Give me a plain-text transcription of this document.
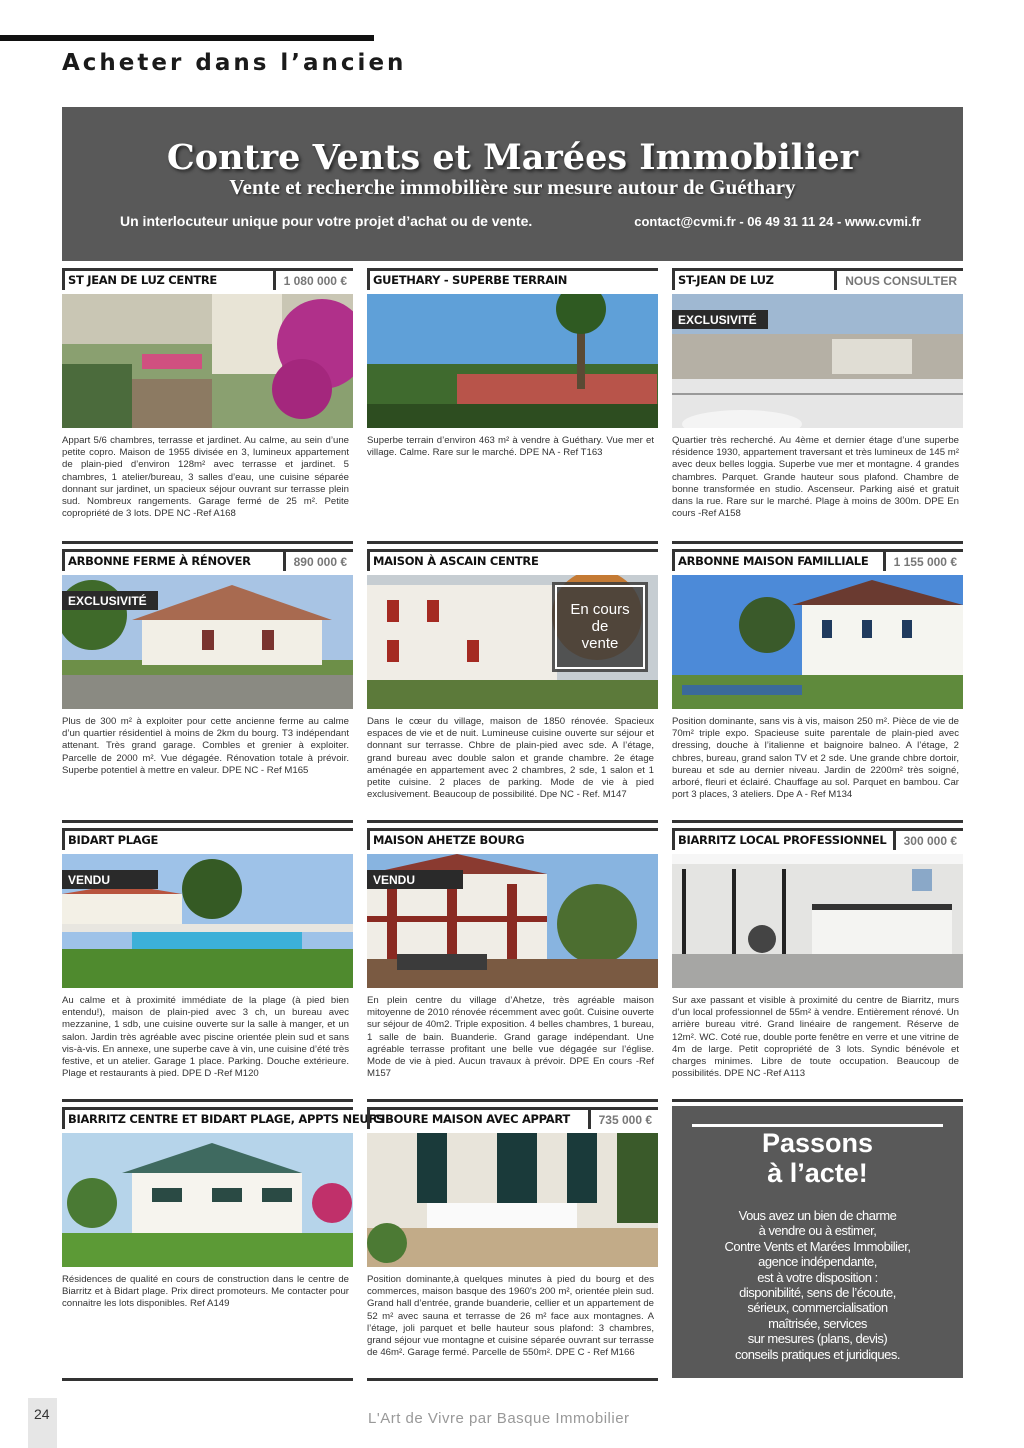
Acheter dans l’ancien
Contre Vents et Marées Immobilier
Vente et recherche immobilière sur mesure autour de Guéthary
Un interlocuteur unique pour votre projet d’achat ou de vente.	contact@cvmi.fr - 06 49 31 11 24 - www.cvmi.fr
ST JEAN DE LUZ CENTRE	1 080 000 €
Appart 5/6 chambres, terrasse et jardinet. Au calme, au sein d’une petite copro. Maison de 1955 divisée en 3, lumineux appartement de plain-pied d’environ 128m² avec terrasse et jardinet. 5 chambres, 1 atelier/bureau, 3 salles d’eau, une cuisine séparée donnant sur jardinet, un spacieux séjour ouvrant sur terrasse plein sud. Nombreux rangements. Garage fermé de 25 m². Petite copropriété de 3 lots. DPE NC -Ref A168
GUETHARY - SUPERBE TERRAIN
Superbe terrain d’environ 463 m² à vendre à Guéthary. Vue mer et village. Calme. Rare sur le marché. DPE NA - Ref T163
ST-JEAN DE LUZ	NOUS CONSULTER
EXCLUSIVITÉ
Quartier très recherché. Au 4ème et dernier étage d’une superbe résidence 1930, appartement traversant et très lumineux de 145 m² avec deux belles loggia. Superbe vue mer et montagne. 4 grandes chambres. Parquet. Grande hauteur sous plafond. Chambre de bonne transformée en studio. Ascenseur. Parking aisé et gratuit dans la rue. Rare sur le marché. Plage à moins de 300m. DPE En cours -Ref A158
ARBONNE FERME À RÉNOVER	890 000 €
EXCLUSIVITÉ
Plus de 300 m² à exploiter pour cette ancienne ferme au calme d’un quartier résidentiel à moins de 2km du bourg. T3 indépendant attenant. Très grand garage. Combles et grenier à exploiter. Parcelle de 2000 m². Vue dégagée. Rénovation totale à prévoir. Superbe potentiel à mettre en valeur. DPE NC - Ref M165
MAISON À ASCAIN CENTRE
En cours
de
vente
Dans le cœur du village, maison de 1850 rénovée. Spacieux espaces de vie et de nuit. Lumineuse cuisine ouverte sur séjour et donnant sur terrasse. Chbre de plain-pied avec sde. A l’étage, grand bureau avec double salon et grande chambre. 2e étage aménagée en appartement avec 2 chambres, 2 sde, 1 salon et 1 petite cuisine. 2 places de parking. Mode de vie à pied exclusivement. Beaucoup de possibilité. Dpe NC - Ref. M147
ARBONNE MAISON FAMILLIALE	1 155 000 €
Position dominante, sans vis à vis, maison 250 m². Pièce de vie de 70m² triple expo. Spacieuse suite parentale de plain-pied avec dressing, douche à l’italienne et baignoire balneo. A l’étage, 2 chbres, bureau, grand salon TV et 2 sde. Une grande chbre dortoir, bureau et sde au dernier niveau. Jardin de 2200m² très soigné, arboré, fleuri et éclairé. Chauffage au sol. Parquet en bambou. Car port 3 places, 3 ateliers. Dpe A - Ref M134
BIDART PLAGE
VENDU
Au calme et à proximité immédiate de la plage (à pied bien entendu!), maison de plain-pied avec 3 ch, un bureau avec mezzanine, 1 sdb, une cuisine ouverte sur la salle à manger, et un salon. Jardin très agréable avec piscine orientée plein sud et sans vis-à-vis. En annexe, une superbe cave à vin, une cuisine d’été très festive, et un atelier. Garage 1 place. Parking. Douche extérieure. Plage et restaurants à pied. DPE D -Ref M120
MAISON AHETZE BOURG
VENDU
En plein centre du village d’Ahetze, très agréable maison mitoyenne de 2010 rénovée récemment avec goût. Cuisine ouverte sur séjour de 40m2. Triple exposition. 4 belles chambres, 1 bureau, 1 salle de bain. Buanderie. Grand garage indépendant. Une agréable terrasse profitant une belle vue dégagée sur l’église. Mode de vie à pied. Aucun travaux à prévoir. DPE En cours -Ref M157
BIARRITZ LOCAL PROFESSIONNEL	300 000 €
Sur axe passant et visible à proximité du centre de Biarritz, murs d’un local professionnel de 55m² à vendre. Entièrement rénové. Un arrière bureau vitré. Grand linéaire de rangement. Réserve de 12m². WC. Coté rue, double porte fenêtre en verre et une vitrine de 4m de large. Petit copropriété de 3 lots. Syndic bénévole et charges minimes. Libre de toute occupation. Beaucoup de possibilités. DPE NC -Ref A113
BIARRITZ CENTRE ET BIDART PLAGE, APPTS NEUFS
Résidences de qualité en cours de construction dans le centre de Biarritz et à Bidart plage. Prix direct promoteurs. Me contacter pour connaitre les lots disponibles. Ref A149
CIBOURE MAISON AVEC APPART	735 000 €
Position dominante,à quelques minutes à pied du bourg et des commerces, maison basque des 1960's 200 m², orientée plein sud. Grand hall d’entrée, grande buanderie, cellier et un appartement de 52 m² avec sauna et terrasse de 26 m² face aux montagnes. A l’étage, joli parquet et belle hauteur sous plafond: 3 chambres, grand séjour vue montagne et cuisine séparée ouvrant sur terrasse de 46m². Garage fermé. Parcelle de 550m². DPE C - Ref M166
Passons
à l’acte!
Vous avez un bien de charme
à vendre ou à estimer,
Contre Vents et Marées Immobilier,
agence indépendante,
est à votre disposition :
disponibilité, sens de l’écoute,
sérieux, commercialisation
maîtrisée, services
sur mesures (plans, devis)
conseils pratiques et juridiques.
24	L'Art de Vivre par Basque Immobilier
